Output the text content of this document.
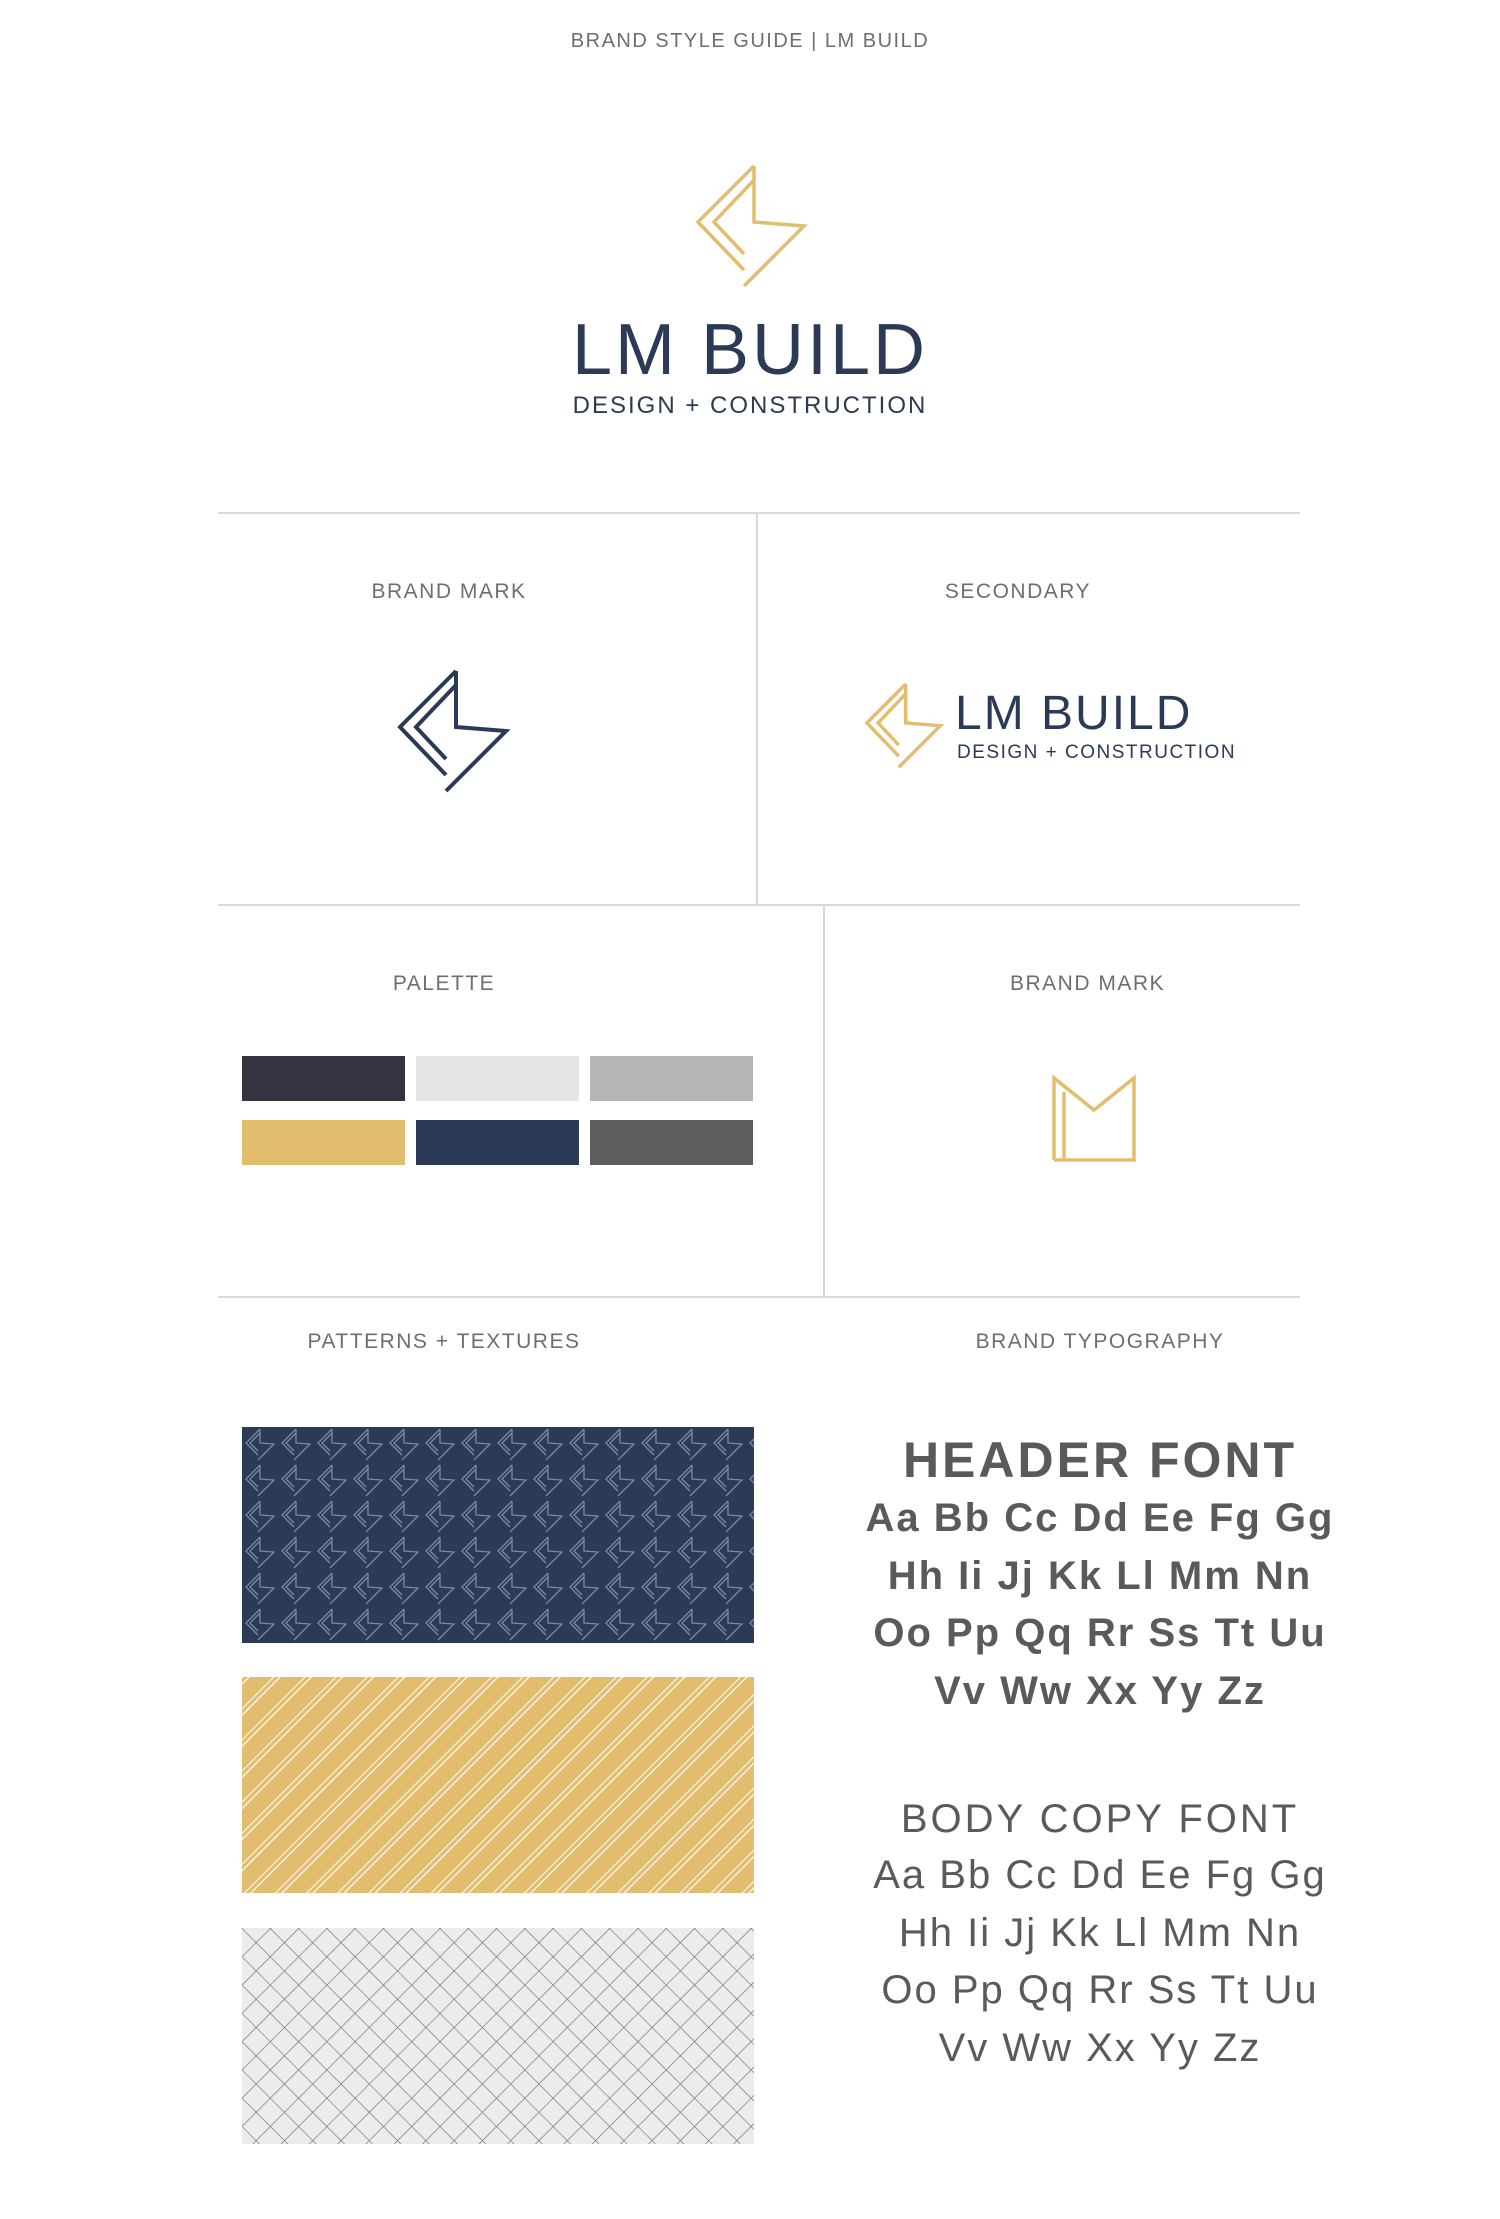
BRAND STYLE GUIDE | LM BUILD
LM BUILD
DESIGN + CONSTRUCTION
BRAND MARK	SECONDARY
LM BUILD
DESIGN + CONSTRUCTION
PALETTE	BRAND MARK
PATTERNS + TEXTURES	BRAND TYPOGRAPHY
HEADER FONT
Aa Bb Cc Dd Ee Fg Gg
Hh Ii Jj Kk Ll Mm Nn
Oo Pp Qq Rr Ss Tt Uu
Vv Ww Xx Yy Zz
BODY COPY FONT
Aa Bb Cc Dd Ee Fg Gg
Hh Ii Jj Kk Ll Mm Nn
Oo Pp Qq Rr Ss Tt Uu
Vv Ww Xx Yy Zz
